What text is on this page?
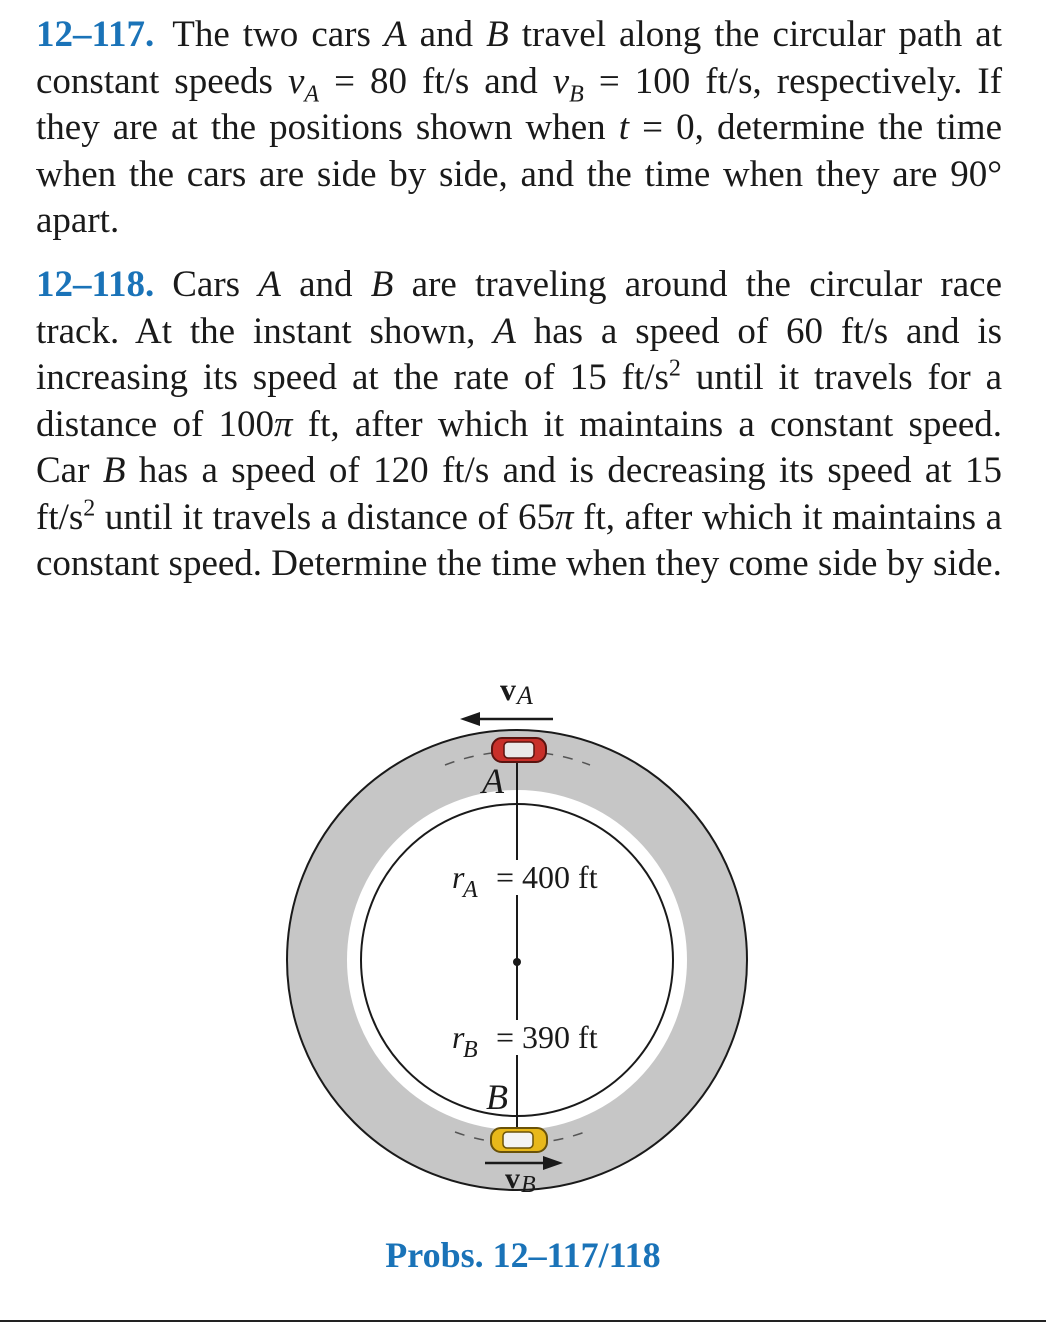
12–117. The two cars A and B travel along the circular path at constant speeds $v_A = 80$ ft/s and $v_B = 100$ ft/s, respectively. If they are at the positions shown when t = 0, determine the time when the cars are side by side, and the time when they are 90° apart.
12–118. Cars A and B are traveling around the circular race track. At the instant shown, A has a speed of 60 ft/s and is increasing its speed at the rate of 15 $ft/s^2$ until it travels for a distance of 100π ft, after which it maintains a constant speed. Car B has a speed of 120 ft/s and is decreasing its speed at 15 $ft/s^2$ until it travels a distance of 65π ft, after which it maintains a constant speed. Determine the time when they come side by side.
v A
A
r
A = 400 ft
r
B = 390 ft
B
v B
Probs. 12–117/118
